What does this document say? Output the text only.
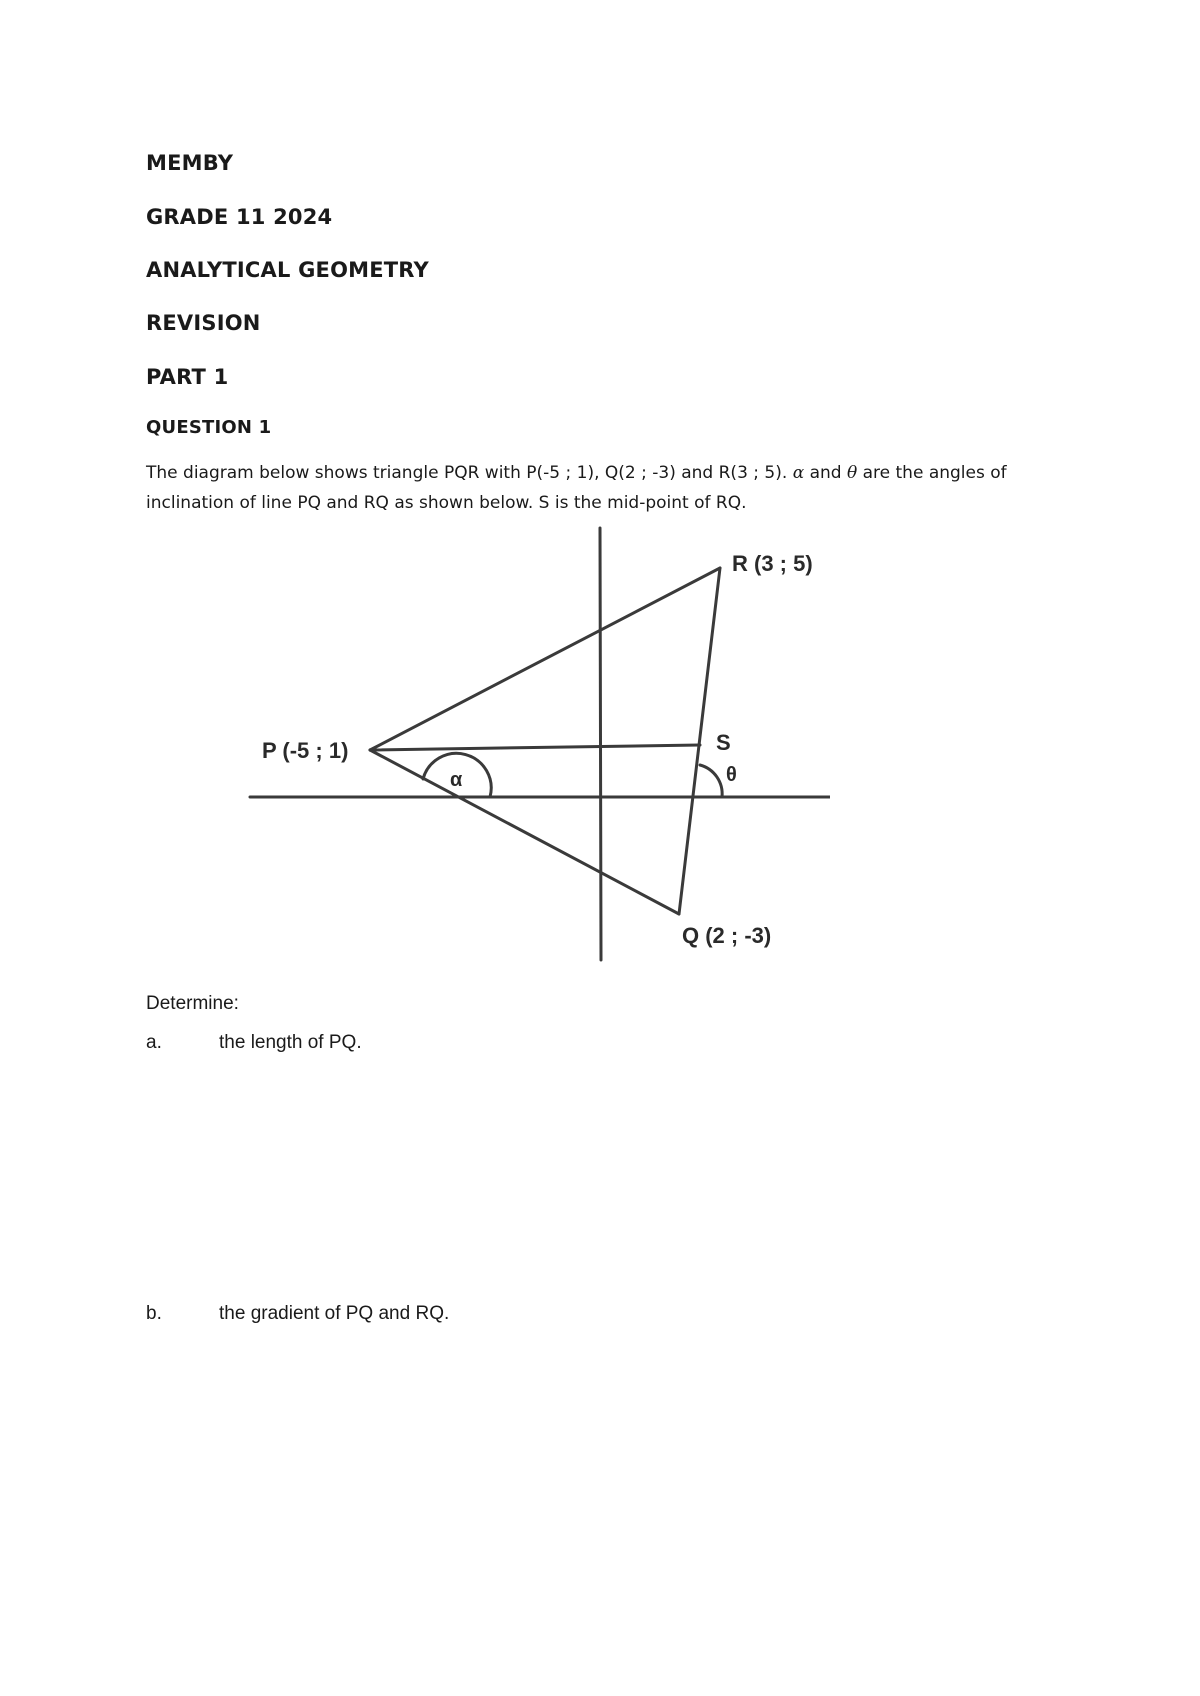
MEMBY
GRADE 11 2024
ANALYTICAL GEOMETRY
REVISION
PART 1
QUESTION 1

The diagram below shows triangle PQR with P(-5 ; 1), Q(2 ; -3) and R(3 ; 5). α and θ are the angles of inclination of line PQ and RQ as shown below. S is the mid-point of RQ.

P (-5 ; 1)
R (3 ; 5)
S
Q (2 ; -3)
α	θ

Determine:

a.	the length of PQ.
b.	the gradient of PQ and RQ.
